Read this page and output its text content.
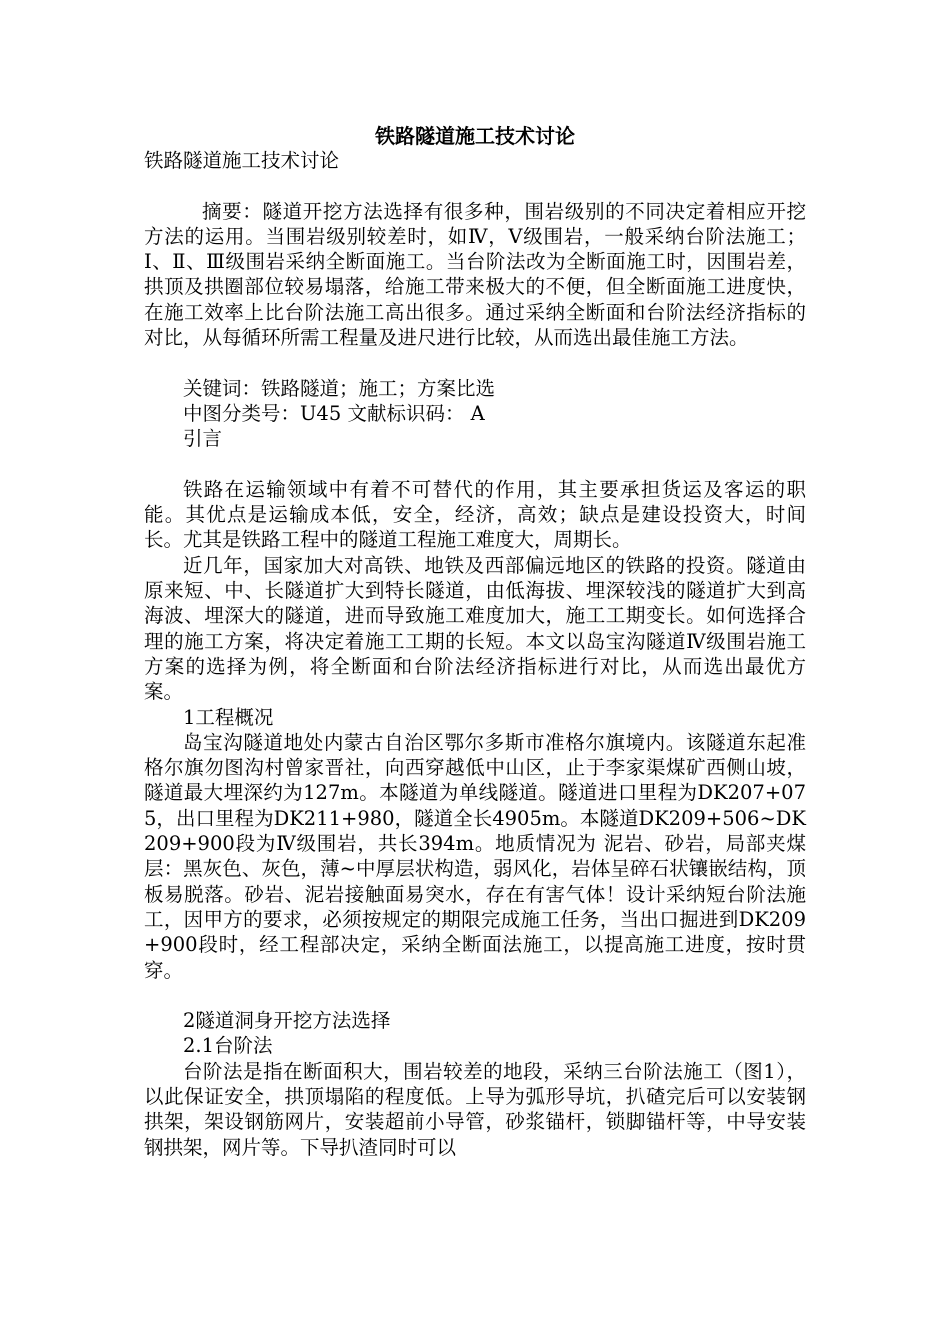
铁路隧道施工技术讨论

铁路隧道施工技术讨论

摘要：隧道开挖方法选择有很多种，围岩级别的不同决定着相应开挖方法的运用。当围岩级别较差时，如Ⅳ，Ⅴ级围岩，一般采纳台阶法施工；Ⅰ、Ⅱ、Ⅲ级围岩采纳全断面施工。当台阶法改为全断面施工时，因围岩差，拱顶及拱圈部位较易塌落，给施工带来极大的不便，但全断面施工进度快，在施工效率上比台阶法施工高出很多。通过采纳全断面和台阶法经济指标的对比，从每循环所需工程量及进尺进行比较，从而选出最佳施工方法。

关键词：铁路隧道；施工；方案比选

中图分类号：U45 文献标识码： A

引言

铁路在运输领域中有着不可替代的作用，其主要承担货运及客运的职能。其优点是运输成本低，安全，经济，高效；缺点是建设投资大，时间长。尤其是铁路工程中的隧道工程施工难度大，周期长。

近几年，国家加大对高铁、地铁及西部偏远地区的铁路的投资。隧道由原来短、中、长隧道扩大到特长隧道，由低海拔、埋深较浅的隧道扩大到高海波、埋深大的隧道，进而导致施工难度加大，施工工期变长。如何选择合理的施工方案，将决定着施工工期的长短。本文以岛宝沟隧道Ⅳ级围岩施工方案的选择为例，将全断面和台阶法经济指标进行对比，从而选出最优方案。

1工程概况

岛宝沟隧道地处内蒙古自治区鄂尔多斯市准格尔旗境内。该隧道东起准格尔旗勿图沟村曾家晋社，向西穿越低中山区，止于李家渠煤矿西侧山坡，隧道最大埋深约为127m。本隧道为单线隧道。隧道进口里程为DK207+075，出口里程为DK211+980，隧道全长4905m。本隧道DK209+506~DK209+900段为Ⅳ级围岩，共长394m。地质情况为 泥岩、砂岩，局部夹煤层：黑灰色、灰色，薄~中厚层状构造，弱风化，岩体呈碎石状镶嵌结构，顶板易脱落。砂岩、泥岩接触面易突水，存在有害气体！设计采纳短台阶法施工，因甲方的要求，必须按规定的期限完成施工任务，当出口掘进到DK209+900段时，经工程部决定，采纳全断面法施工，以提高施工进度，按时贯穿。

2隧道洞身开挖方法选择

2.1台阶法

台阶法是指在断面积大，围岩较差的地段，采纳三台阶法施工（图1），以此保证安全，拱顶塌陷的程度低。上导为弧形导坑，扒碴完后可以安装钢拱架，架设钢筋网片，安装超前小导管，砂浆锚杆，锁脚锚杆等，中导安装钢拱架，网片等。下导扒渣同时可以
